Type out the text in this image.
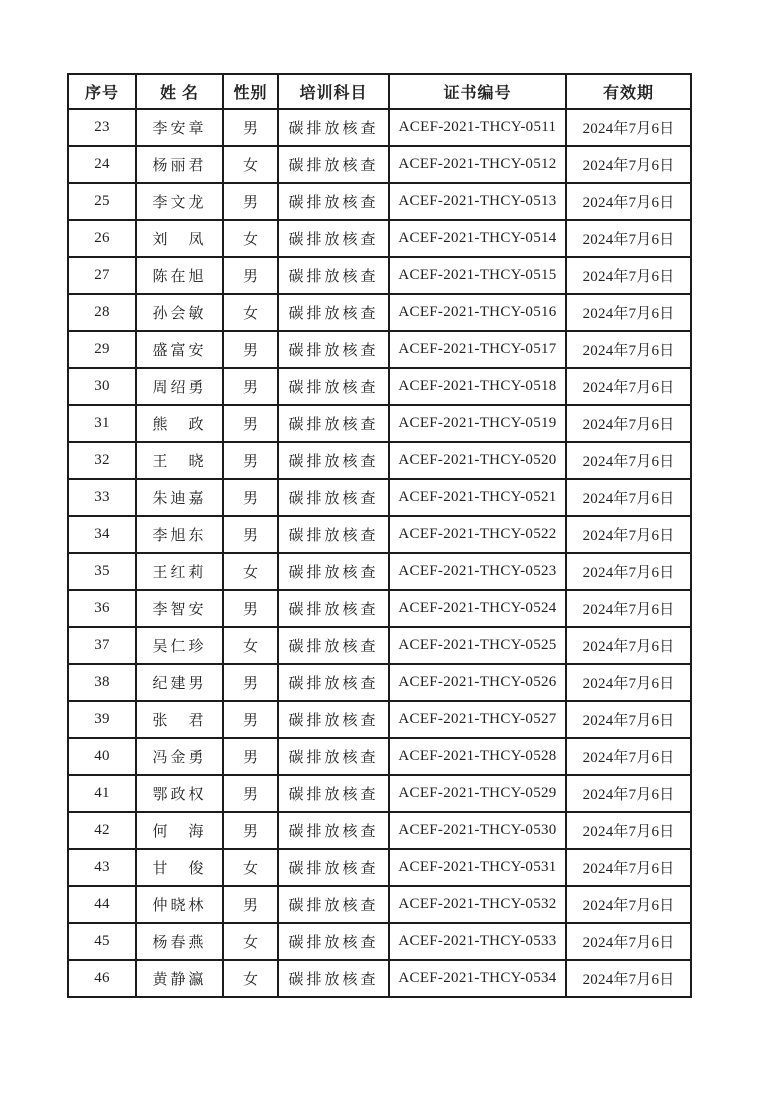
序号	姓 名	性别	培训科目	证书编号	有效期
23	李安章	男	碳排放核查	ACEF-2021-THCY-0511	2024年7月6日
24	杨丽君	女	碳排放核查	ACEF-2021-THCY-0512	2024年7月6日
25	李文龙	男	碳排放核查	ACEF-2021-THCY-0513	2024年7月6日
26	刘　凤	女	碳排放核查	ACEF-2021-THCY-0514	2024年7月6日
27	陈在旭	男	碳排放核查	ACEF-2021-THCY-0515	2024年7月6日
28	孙会敏	女	碳排放核查	ACEF-2021-THCY-0516	2024年7月6日
29	盛富安	男	碳排放核查	ACEF-2021-THCY-0517	2024年7月6日
30	周绍勇	男	碳排放核查	ACEF-2021-THCY-0518	2024年7月6日
31	熊　政	男	碳排放核查	ACEF-2021-THCY-0519	2024年7月6日
32	王　晓	男	碳排放核查	ACEF-2021-THCY-0520	2024年7月6日
33	朱迪嘉	男	碳排放核查	ACEF-2021-THCY-0521	2024年7月6日
34	李旭东	男	碳排放核查	ACEF-2021-THCY-0522	2024年7月6日
35	王红莉	女	碳排放核查	ACEF-2021-THCY-0523	2024年7月6日
36	李智安	男	碳排放核查	ACEF-2021-THCY-0524	2024年7月6日
37	吴仁珍	女	碳排放核查	ACEF-2021-THCY-0525	2024年7月6日
38	纪建男	男	碳排放核查	ACEF-2021-THCY-0526	2024年7月6日
39	张　君	男	碳排放核查	ACEF-2021-THCY-0527	2024年7月6日
40	冯金勇	男	碳排放核查	ACEF-2021-THCY-0528	2024年7月6日
41	鄂政权	男	碳排放核查	ACEF-2021-THCY-0529	2024年7月6日
42	何　海	男	碳排放核查	ACEF-2021-THCY-0530	2024年7月6日
43	甘　俊	女	碳排放核查	ACEF-2021-THCY-0531	2024年7月6日
44	仲晓林	男	碳排放核查	ACEF-2021-THCY-0532	2024年7月6日
45	杨春燕	女	碳排放核查	ACEF-2021-THCY-0533	2024年7月6日
46	黄静瀛	女	碳排放核查	ACEF-2021-THCY-0534	2024年7月6日
